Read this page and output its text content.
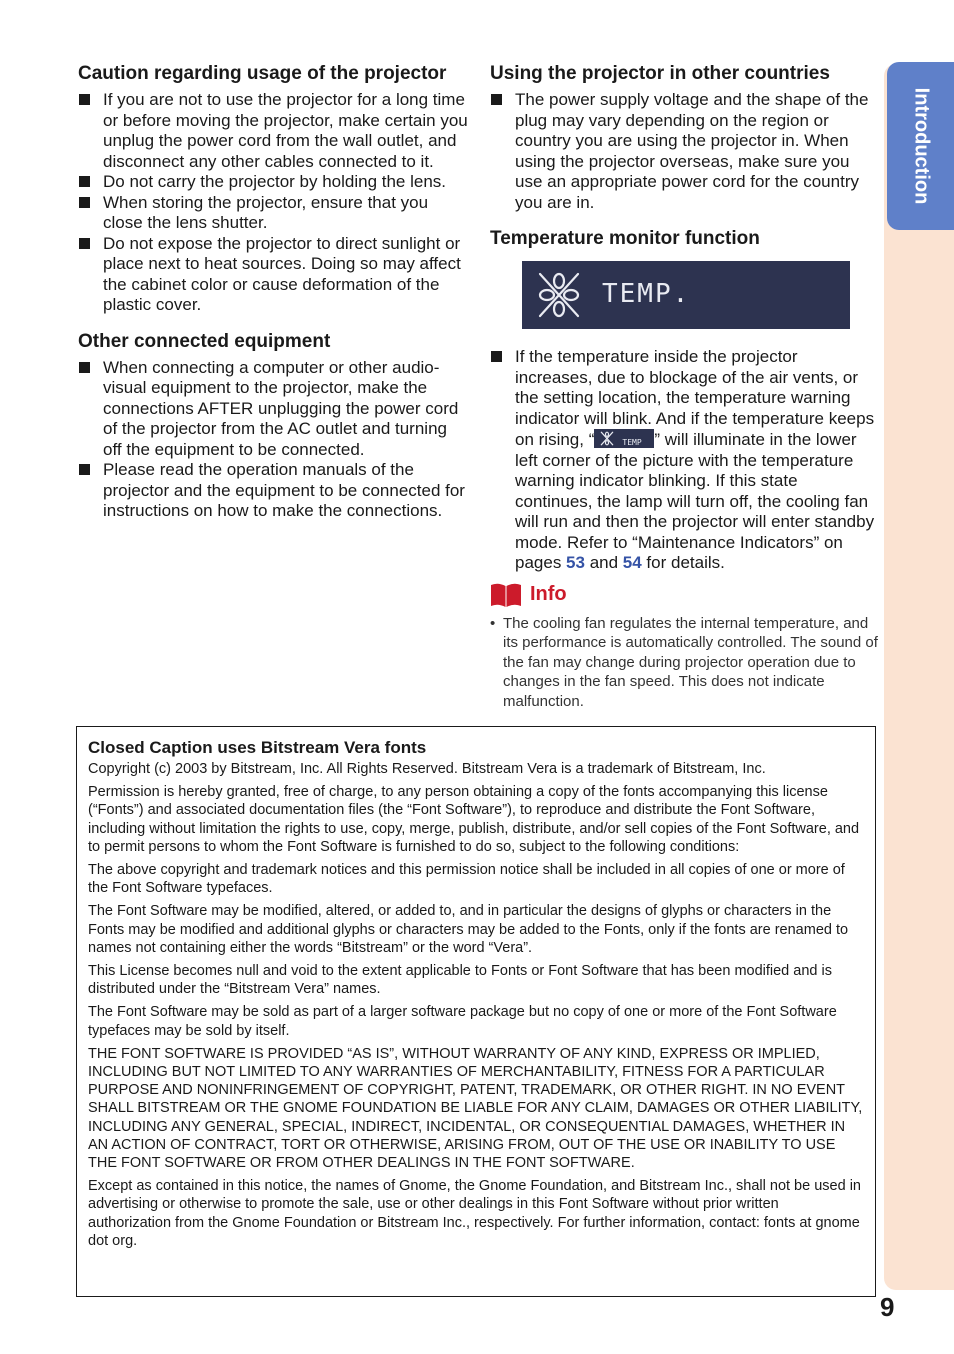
Introduction
9
Caution regarding usage of the projector
If you are not to use the projector for a long time or before moving the projector, make certain you unplug the power cord from the wall outlet, and disconnect any other cables connected to it.
Do not carry the projector by holding the lens.
When storing the projector, ensure that you close the lens shutter.
Do not expose the projector to direct sunlight or place next to heat sources. Doing so may affect the cabinet color or cause deformation of the plastic cover.
Other connected equipment
When connecting a computer or other audio-visual equipment to the projector, make the connections AFTER unplugging the power cord of the projector from the AC outlet and turning off the equipment to be connected.
Please read the operation manuals of the projector and the equipment to be connected for instructions on how to make the connections.
Using the projector in other countries
The power supply voltage and the shape of the plug may vary depending on the region or country you are using the projector in. When using the projector overseas, make sure you use an appropriate power cord for the country you are in.
Temperature monitor function
TEMP.
If the temperature inside the projector increases, due to blockage of the air vents, or the setting location, the temperature warning indicator will blink. And if the temperature keeps on rising, “	TEMP ” will illuminate in the lower left corner of the picture with the temperature warning indicator blinking. If this state continues, the lamp will turn off, the cooling fan will run and then the projector will enter standby mode. Refer to “Maintenance Indicators” on pages 53 and 54 for details.
Info

• The cooling fan regulates the internal temperature, and its performance is automatically controlled. The sound of the fan may change during projector operation due to changes in the fan speed. This does not indicate malfunction.

Closed Caption uses Bitstream Vera fonts

Copyright (c) 2003 by Bitstream, Inc. All Rights Reserved. Bitstream Vera is a trademark of Bitstream, Inc.

Permission is hereby granted, free of charge, to any person obtaining a copy of the fonts accompanying this license (“Fonts”) and associated documentation files (the “Font Software”), to reproduce and distribute the Font Software, including without limitation the rights to use, copy, merge, publish, distribute, and/or sell copies of the Font Software, and to permit persons to whom the Font Software is furnished to do so, subject to the following conditions:

The above copyright and trademark notices and this permission notice shall be included in all copies of one or more of the Font Software typefaces.

The Font Software may be modified, altered, or added to, and in particular the designs of glyphs or characters in the Fonts may be modified and additional glyphs or characters may be added to the Fonts, only if the fonts are renamed to names not containing either the words “Bitstream” or the word “Vera”.

This License becomes null and void to the extent applicable to Fonts or Font Software that has been modified and is distributed under the “Bitstream Vera” names.

The Font Software may be sold as part of a larger software package but no copy of one or more of the Font Software typefaces may be sold by itself.

THE FONT SOFTWARE IS PROVIDED “AS IS”, WITHOUT WARRANTY OF ANY KIND, EXPRESS OR IMPLIED, INCLUDING BUT NOT LIMITED TO ANY WARRANTIES OF MERCHANTABILITY, FITNESS FOR A PARTICULAR PURPOSE AND NONINFRINGEMENT OF COPYRIGHT, PATENT, TRADEMARK, OR OTHER RIGHT. IN NO EVENT SHALL BITSTREAM OR THE GNOME FOUNDATION BE LIABLE FOR ANY CLAIM, DAMAGES OR OTHER LIABILITY, INCLUDING ANY GENERAL, SPECIAL, INDIRECT, INCIDENTAL, OR CONSEQUENTIAL DAMAGES, WHETHER IN AN ACTION OF CONTRACT, TORT OR OTHERWISE, ARISING FROM, OUT OF THE USE OR INABILITY TO USE THE FONT SOFTWARE OR FROM OTHER DEALINGS IN THE FONT SOFTWARE.

Except as contained in this notice, the names of Gnome, the Gnome Foundation, and Bitstream Inc., shall not be used in advertising or otherwise to promote the sale, use or other dealings in this Font Software without prior written authorization from the Gnome Foundation or Bitstream Inc., respectively. For further information, contact: fonts at gnome dot org.
